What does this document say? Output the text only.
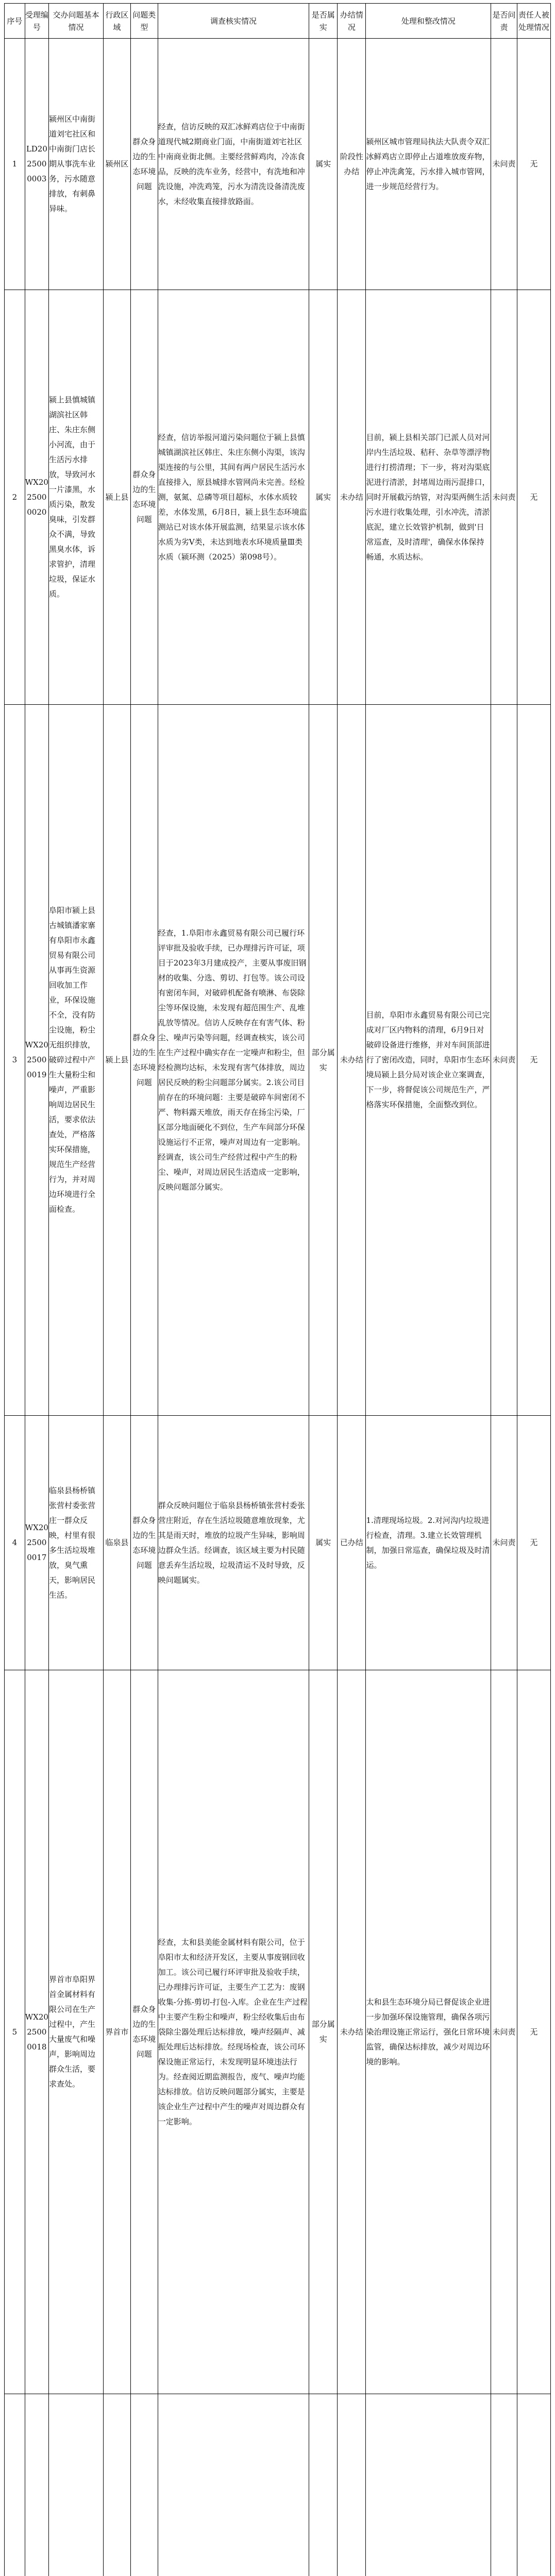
序号	受理编号	交办问题基本情况	行政区域	问题类型	调查核实情况	是否属实	办结情况	处理和整改情况	是否问责	责任人被处理情况
1	LD2025000003	颍州区中南街道刘宅社区和中南街门店长期从事洗车业务，污水随意排放，有刺鼻异味。	颍州区	群众身边的生态环境问题	经查，信访反映的双汇冰鲜鸡店位于中南街道现代城2期商业门面，中南街道刘宅社区中南商业街北侧。主要经营鲜鸡肉，冷冻食品，反映的洗车业务，经营中，有洗地和冲洗设施，冲洗鸡笼，污水为清洗设备清洗废水，未经收集直接排放路面。	属实	阶段性办结	颍州区城市管理局执法大队责令双汇冰鲜鸡店立即停止占道堆放废弃物，停止冲洗禽笼，污水排入城市管网，进一步规范经营行为。	未问责	无
2	WX2025000020	颍上县慎城镇湖滨社区韩庄、朱庄东侧小河流，由于生活污水排放，导致河水一片漆黑，水质污染，散发臭味，引发群众不满，导致黑臭水体，诉求管护，清理垃圾，保证水质。	颍上县	群众身边的生态环境问题	经查，信访举报河道污染问题位于颍上县慎城镇湖滨社区韩庄、朱庄东侧小沟渠，该沟渠连接的与公里，其间有两户居民生活污水直接排入，原县城排水管网尚未完善。经检测，氨氮、总磷等项目超标，水体水质较差，水体发黑，6月8日，颍上县生态环境监测站已对该水体开展监测，结果显示该水体水质为劣Ⅴ类，未达到地表水环境质量Ⅲ类水质（颍环测（2025）第098号）。	属实	未办结	目前，颍上县相关部门已派人员对河岸内生活垃圾、秸秆、杂草等漂浮物进行打捞清理；下一步，将对沟渠底泥进行清淤，封堵周边雨污混排口，同时开展截污纳管，对沟渠两侧生活污水进行收集处理，引水冲洗，清淤底泥，建立长效管护机制，做到'日常巡查，及时清理'，确保水体保持畅通，水质达标。	未问责	无
3	WX2025000019	阜阳市颍上县古城镇潘家寨有阜阳市永鑫贸易有限公司从事再生资源回收加工作业，环保设施不全，没有防尘设施，粉尘无组织排放，破碎过程中产生大量粉尘和噪声，严重影响周边居民生活，要求依法查处，严格落实环保措施，规范生产经营行为，并对周边环境进行全面检查。	颍上县	群众身边的生态环境问题	经查，1.阜阳市永鑫贸易有限公司已履行环评审批及验收手续，已办理排污许可证，项目于2023年3月建成投产，主要从事废旧钢材的收集、分选、剪切、打包等。该公司设有密闭车间，对破碎机配备有喷淋、布袋除尘等环保设施，未发现有超范围生产、乱堆乱放等情况。信访人反映存在有害气体、粉尘、噪声污染等问题，经调查核实，该公司在生产过程中确实存在一定噪声和粉尘，但经检测均达标，未发现有害气体排放，周边居民反映的粉尘问题部分属实。2.该公司目前存在的环境问题：主要是破碎车间密闭不严、物料露天堆放，雨天存在扬尘污染，厂区部分地面硬化不到位，生产车间部分环保设施运行不正常，噪声对周边有一定影响。经调查，该公司生产经营过程中产生的粉尘、噪声，对周边居民生活造成一定影响，反映问题部分属实。	部分属实	未办结	目前，阜阳市永鑫贸易有限公司已完成对厂区内物料的清理，6月9日对破碎设备进行维修，并对车间顶部进行了密闭改造，同时，阜阳市生态环境局颍上县分局对该企业立案调查，下一步，将督促该公司规范生产，严格落实环保措施，全面整改到位。	未问责	无
4	WX2025000017	临泉县杨桥镇张营村委张营庄一群众反映，村里有很多生活垃圾堆放，臭气熏天，影响居民生活。	临泉县	群众身边的生态环境问题	群众反映问题位于临泉县杨桥镇张营村委张营庄附近，存在生活垃圾随意堆放现象，尤其是雨天时，堆放的垃圾产生异味，影响周边群众生活。经调查，该区域主要为村民随意丢弃生活垃圾，垃圾清运不及时导致，反映问题属实。	属实	已办结	1.清理现场垃圾。2.对河沟内垃圾进行检查，清理。3.建立长效管理机制，加强日常巡查，确保垃圾及时清运。	未问责	无
5	WX2025000018	界首市阜阳界首金属材料有限公司在生产过程中，产生大量废气和噪声，影响周边群众生活，要求查处。	界首市	群众身边的生态环境问题	经查，太和县美能金属材料有限公司，位于阜阳市太和经济开发区，主要从事废钢回收加工。该公司已履行环评审批及验收手续，已办理排污许可证，主要生产工艺为：废钢收集-分拣-剪切-打包-入库。企业在生产过程中主要产生粉尘和噪声，粉尘经收集后由布袋除尘器处理后达标排放，噪声经隔声、减振处理后达标排放。经现场检查，该公司环保设施正常运行，未发现明显环境违法行为。经查阅近期监测报告，废气、噪声均能达标排放。信访反映问题部分属实，主要是该企业生产过程中产生的噪声对周边群众有一定影响。	部分属实	未办结	太和县生态环境分局已督促该企业进一步加强环保设施管理，确保各项污染治理设施正常运行，强化日常环境监管，确保达标排放，减少对周边环境的影响。	未问责	无
